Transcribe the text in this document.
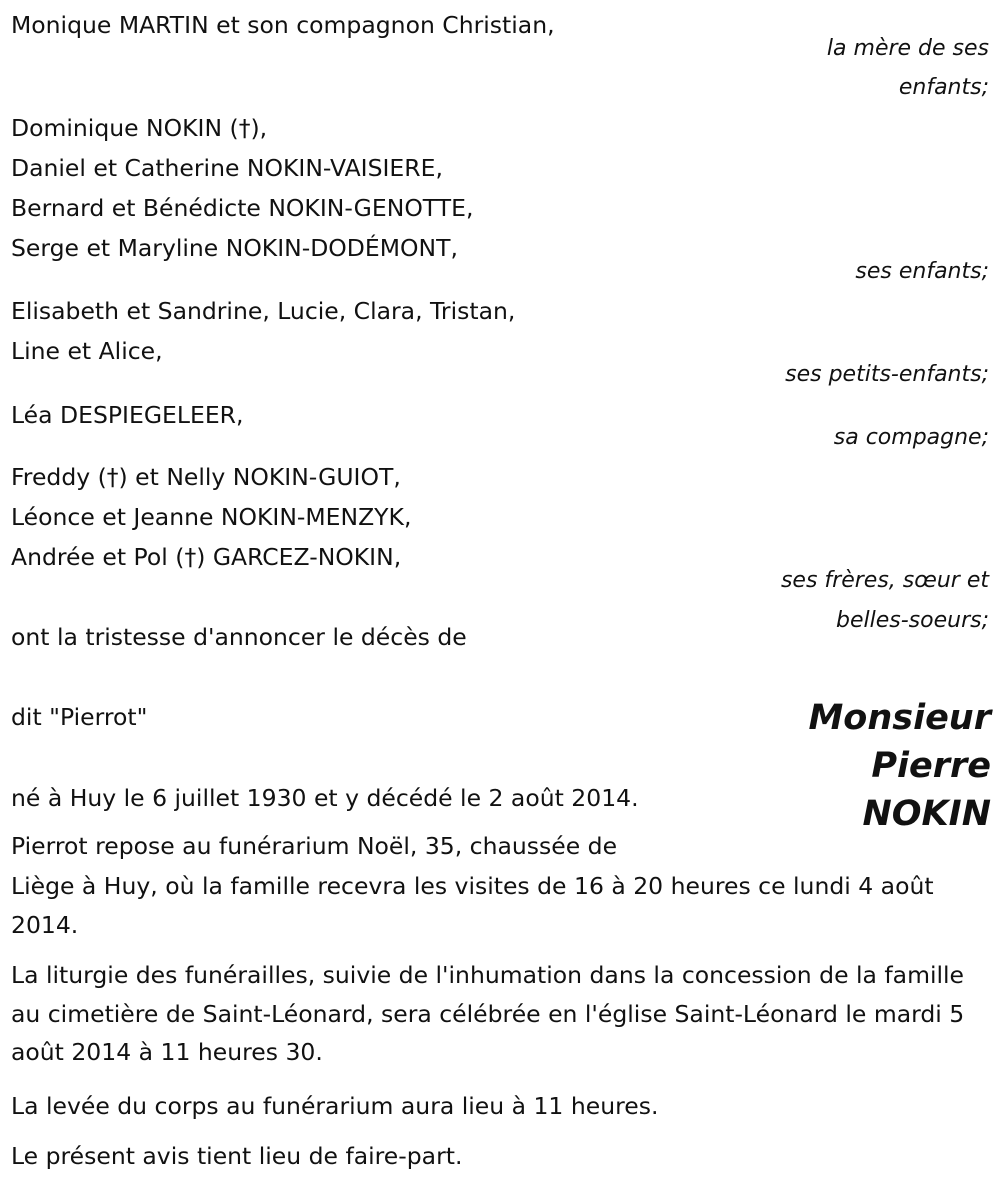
Monique MARTIN et son compagnon Christian,
la mère de ses
enfants;
Dominique NOKIN (†),
Daniel et Catherine NOKIN-VAISIERE,
Bernard et Bénédicte NOKIN-GENOTTE,
Serge et Maryline NOKIN-DODÉMONT,
ses enfants;
Elisabeth et Sandrine, Lucie, Clara, Tristan,
Line et Alice,
ses petits-enfants;
Léa DESPIEGELEER,
sa compagne;
Freddy (†) et Nelly NOKIN-GUIOT,
Léonce et Jeanne NOKIN-MENZYK,
Andrée et Pol (†) GARCEZ-NOKIN,
ses frères, sœur et
belles-soeurs;
ont la tristesse d'annoncer le décès de
Monsieur
Pierre
NOKIN
dit "Pierrot"
né à Huy le 6 juillet 1930 et y décédé le 2 août 2014.
Pierrot repose au funérarium Noël, 35, chaussée de
Liège à Huy, où la famille recevra les visites de 16 à 20 heures ce lundi 4 août 2014.
La liturgie des funérailles, suivie de l'inhumation dans la concession de la famille au cimetière de Saint-Léonard, sera célébrée en l'église Saint-Léonard le mardi 5 août 2014 à 11 heures 30.
La levée du corps au funérarium aura lieu à 11 heures.
Le présent avis tient lieu de faire-part.
